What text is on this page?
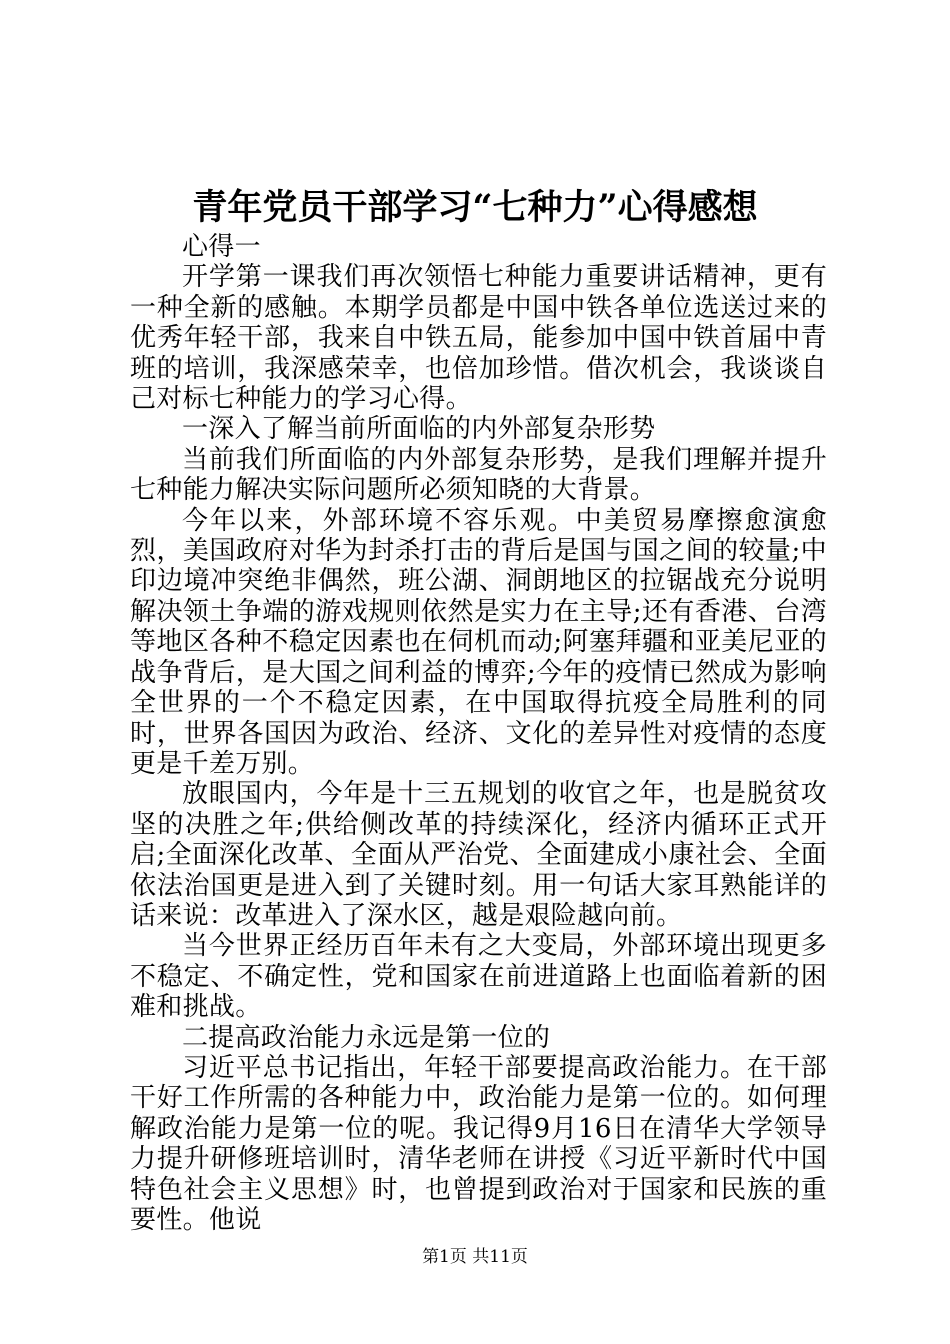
青年党员干部学习“七种力”心得感想

心得一

开学第一课我们再次领悟七种能力重要讲话精神，更有一种全新的感触。本期学员都是中国中铁各单位选送过来的优秀年轻干部，我来自中铁五局，能参加中国中铁首届中青班的培训，我深感荣幸，也倍加珍惜。借次机会，我谈谈自己对标七种能力的学习心得。

一深入了解当前所面临的内外部复杂形势

当前我们所面临的内外部复杂形势，是我们理解并提升七种能力解决实际问题所必须知晓的大背景。

今年以来，外部环境不容乐观。中美贸易摩擦愈演愈烈，美国政府对华为封杀打击的背后是国与国之间的较量;中印边境冲突绝非偶然，班公湖、洞朗地区的拉锯战充分说明解决领土争端的游戏规则依然是实力在主导;还有香港、台湾等地区各种不稳定因素也在伺机而动;阿塞拜疆和亚美尼亚的战争背后，是大国之间利益的博弈;今年的疫情已然成为影响全世界的一个不稳定因素，在中国取得抗疫全局胜利的同时，世界各国因为政治、经济、文化的差异性对疫情的态度更是千差万别。

放眼国内，今年是十三五规划的收官之年，也是脱贫攻坚的决胜之年;供给侧改革的持续深化，经济内循环正式开启;全面深化改革、全面从严治党、全面建成小康社会、全面依法治国更是进入到了关键时刻。用一句话大家耳熟能详的话来说：改革进入了深水区，越是艰险越向前。

当今世界正经历百年未有之大变局，外部环境出现更多不稳定、不确定性，党和国家在前进道路上也面临着新的困难和挑战。

二提高政治能力永远是第一位的

习近平总书记指出，年轻干部要提高政治能力。在干部干好工作所需的各种能力中，政治能力是第一位的。如何理解政治能力是第一位的呢。我记得9月16日在清华大学领导力提升研修班培训时，清华老师在讲授《习近平新时代中国特色社会主义思想》时，也曾提到政治对于国家和民族的重要性。他说

第1页 共11页
